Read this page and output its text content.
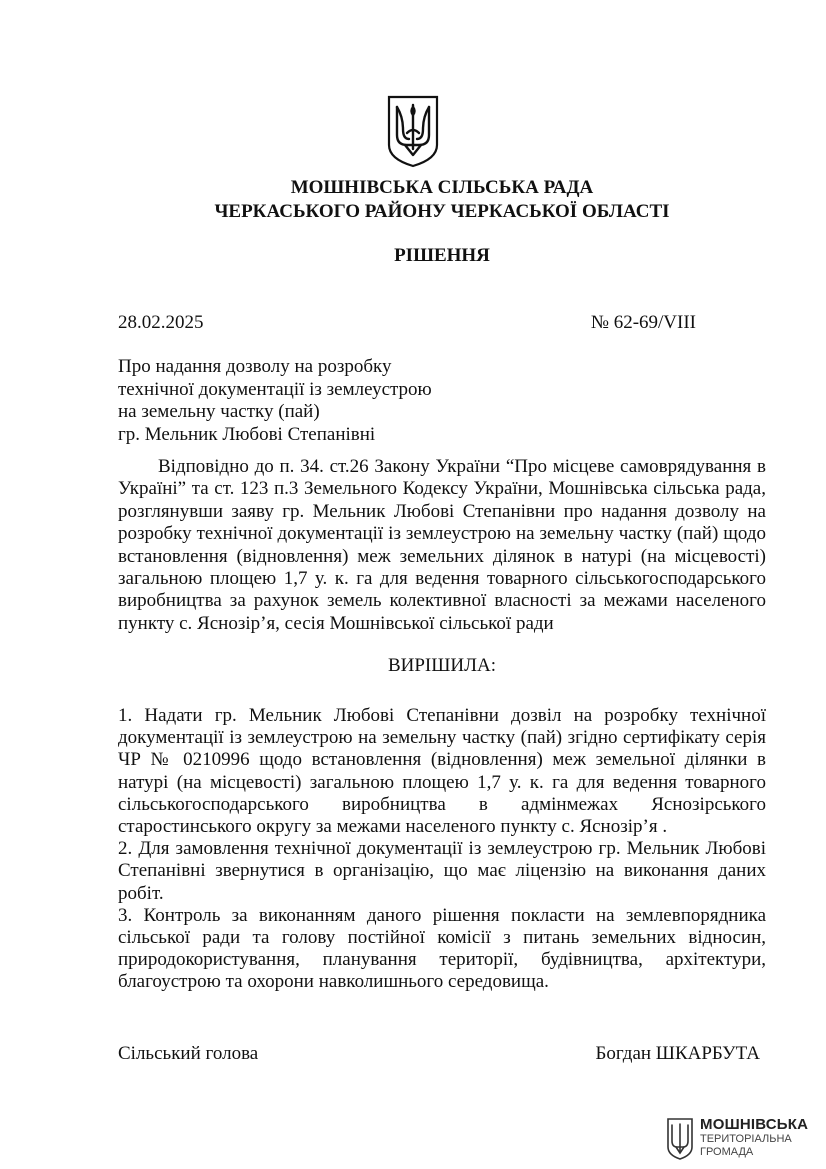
МОШНІВСЬКА СІЛЬСЬКА РАДА
ЧЕРКАСЬКОГО РАЙОНУ ЧЕРКАСЬКОЇ ОБЛАСТІ
РІШЕННЯ
28.02.2025	№ 62-69/VIII
Про надання дозволу на розробку
технічної документації із землеустрою
на земельну частку (пай)
гр. Мельник Любові Степанівні
Відповідно до п. 34. ст.26 Закону України “Про місцеве самоврядування в Україні” та ст. 123 п.3 Земельного Кодексу України, Мошнівська сільська рада, розглянувши заяву гр. Мельник Любові Степанівни про надання дозволу на розробку технічної документації із землеустрою на земельну частку (пай) щодо встановлення (відновлення) меж земельних ділянок в натурі (на місцевості) загальною площею 1,7 у. к. га для ведення товарного сільськогосподарського виробництва за рахунок земель колективної власності за межами населеного пункту с. Яснозір’я, сесія Мошнівської сільської ради
ВИРІШИЛА:

1. Надати гр. Мельник Любові Степанівни дозвіл на розробку технічної документації із землеустрою на земельну частку (пай) згідно сертифікату серія ЧР № 0210996 щодо встановлення (відновлення) меж земельної ділянки в натурі (на місцевості) загальною площею 1,7 у. к. га для ведення товарного сільськогосподарського виробництва в адмінмежах Яснозірського старостинського округу за межами населеного пункту с. Яснозір’я .

2. Для замовлення технічної документації із землеустрою гр. Мельник Любові Степанівні звернутися в організацію, що має ліцензію на виконання даних робіт.

3. Контроль за виконанням даного рішення покласти на землевпорядника сільської ради та голову постійної комісії з питань земельних відносин, природокористування, планування території, будівництва, архітектури, благоустрою та охорони навколишнього середовища.

Сільський голова	Богдан ШКАРБУТА
МОШНІВСЬКА
ТЕРИТОРІАЛЬНА
ГРОМАДА
